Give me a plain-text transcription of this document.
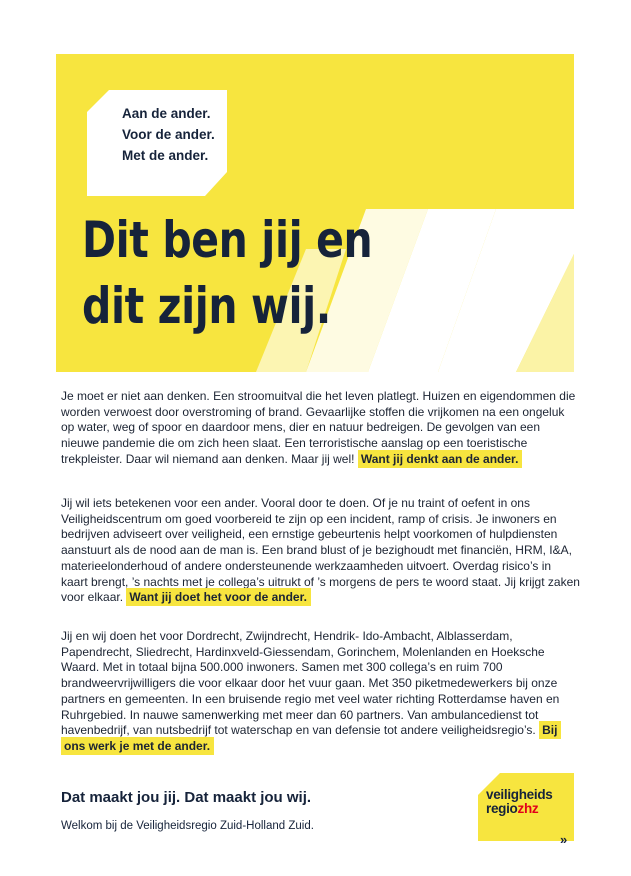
Aan de ander.
Voor de ander.
Met de ander.
Dit ben jij en
dit zijn wij.

Je moet er niet aan denken. Een stroomuitval die het leven platlegt. Huizen en eigendommen die worden verwoest door overstroming of brand. Gevaarlijke stoffen die vrijkomen na een ongeluk op water, weg of spoor en daardoor mens, dier en natuur bedreigen. De gevolgen van een nieuwe pandemie die om zich heen slaat. Een terroristische aanslag op een toeristische trekpleister. Daar wil niemand aan denken. Maar jij wel! Want jij denkt aan de ander.

Jij wil iets betekenen voor een ander. Vooral door te doen. Of je nu traint of oefent in ons Veiligheidscentrum om goed voorbereid te zijn op een incident, ramp of crisis. Je inwoners en bedrijven adviseert over veiligheid, een ernstige gebeurtenis helpt voorkomen of hulpdiensten aanstuurt als de nood aan de man is. Een brand blust of je bezighoudt met financiën, HRM, I&A, materieelonderhoud of andere ondersteunende werkzaamheden uitvoert. Overdag risico’s in kaart brengt, ’s nachts met je collega’s uitrukt of ’s morgens de pers te woord staat. Jij krijgt zaken voor elkaar. Want jij doet het voor de ander.

Jij en wij doen het voor Dordrecht, Zwijndrecht, Hendrik- Ido-Ambacht, Alblasserdam, Papendrecht, Sliedrecht, Hardinxveld-Giessendam, Gorinchem, Molenlanden en Hoeksche Waard. Met in totaal bijna 500.000 inwoners. Samen met 300 collega’s en ruim 700 brandweervrijwilligers die voor elkaar door het vuur gaan. Met 350 piketmedewerkers bij onze partners en gemeenten. In een bruisende regio met veel water richting Rotterdamse haven en Ruhrgebied. In nauwe samenwerking met meer dan 60 partners. Van ambulancedienst tot havenbedrijf, van nutsbedrijf tot waterschap en van defensie tot andere veiligheidsregio’s. Bij ons werk je met de ander.

Dat maakt jou jij. Dat maakt jou wij.

Welkom bij de Veiligheidsregio Zuid-Holland Zuid.

veiligheids
regiozhz
»
